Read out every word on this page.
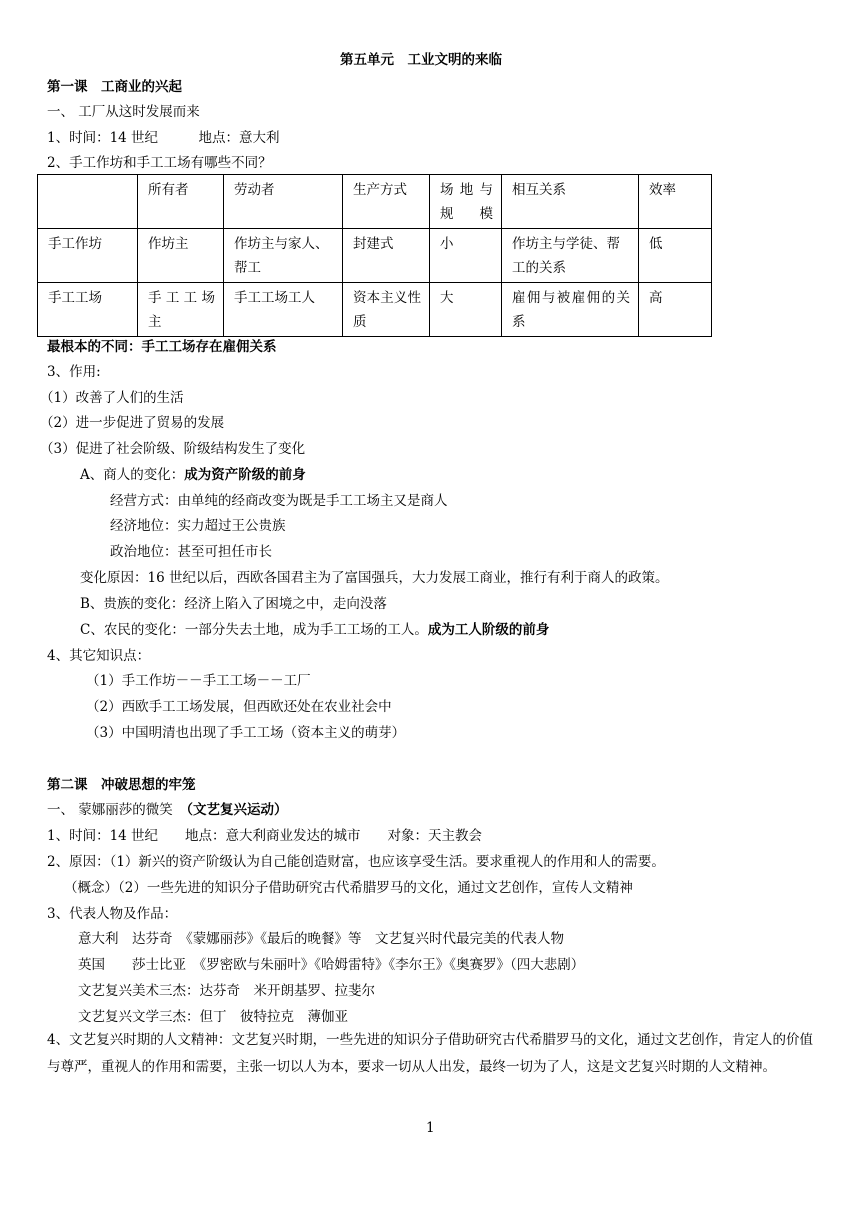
第五单元　工业文明的来临
第一课　工商业的兴起
一、 工厂从这时发展而来
1、时间：14 世纪　　　地点：意大利
2、手工作坊和手工工场有哪些不同？
	所有者	劳动者	生产方式	场地与规模	相互关系	效率
手工作坊	作坊主	作坊主与家人、帮工	封建式	小	作坊主与学徒、帮工的关系	低
手工工场	手工工场主	手工工场工人	资本主义性质	大	雇佣与被雇佣的关系	高
最根本的不同：手工工场存在雇佣关系
3、作用:
（1）改善了人们的生活
（2）进一步促进了贸易的发展
（3）促进了社会阶级、阶级结构发生了变化
A、商人的变化：成为资产阶级的前身
经营方式：由单纯的经商改变为既是手工工场主又是商人
经济地位：实力超过王公贵族
政治地位：甚至可担任市长
变化原因：16 世纪以后，西欧各国君主为了富国强兵，大力发展工商业，推行有利于商人的政策。
B、贵族的变化：经济上陷入了困境之中，走向没落
C、农民的变化：一部分失去土地，成为手工工场的工人。成为工人阶级的前身
4、其它知识点：
（1）手工作坊－－手工工场－－工厂
（2）西欧手工工场发展，但西欧还处在农业社会中
（3）中国明清也出现了手工工场（资本主义的萌芽）
第二课　冲破思想的牢笼
一、 蒙娜丽莎的微笑　（文艺复兴运动）
1、时间：14 世纪　　地点：意大利商业发达的城市　　对象：天主教会
2、原因：（1）新兴的资产阶级认为自己能创造财富，也应该享受生活。要求重视人的作用和人的需要。
（概念）（2）一些先进的知识分子借助研究古代希腊罗马的文化，通过文艺创作，宣传人文精神
3、代表人物及作品：
意大利　达芬奇　《蒙娜丽莎》《最后的晚餐》等　文艺复兴时代最完美的代表人物
英国　　莎士比亚　《罗密欧与朱丽叶》《哈姆雷特》《李尔王》《奥赛罗》（四大悲剧）
文艺复兴美术三杰：达芬奇　米开朗基罗、拉斐尔
文艺复兴文学三杰：但丁　彼特拉克　薄伽亚
4、文艺复兴时期的人文精神：文艺复兴时期，一些先进的知识分子借助研究古代希腊罗马的文化，通过文艺创作，肯定人的价值与尊严，重视人的作用和需要，主张一切以人为本，要求一切从人出发，最终一切为了人，这是文艺复兴时期的人文精神。
1
